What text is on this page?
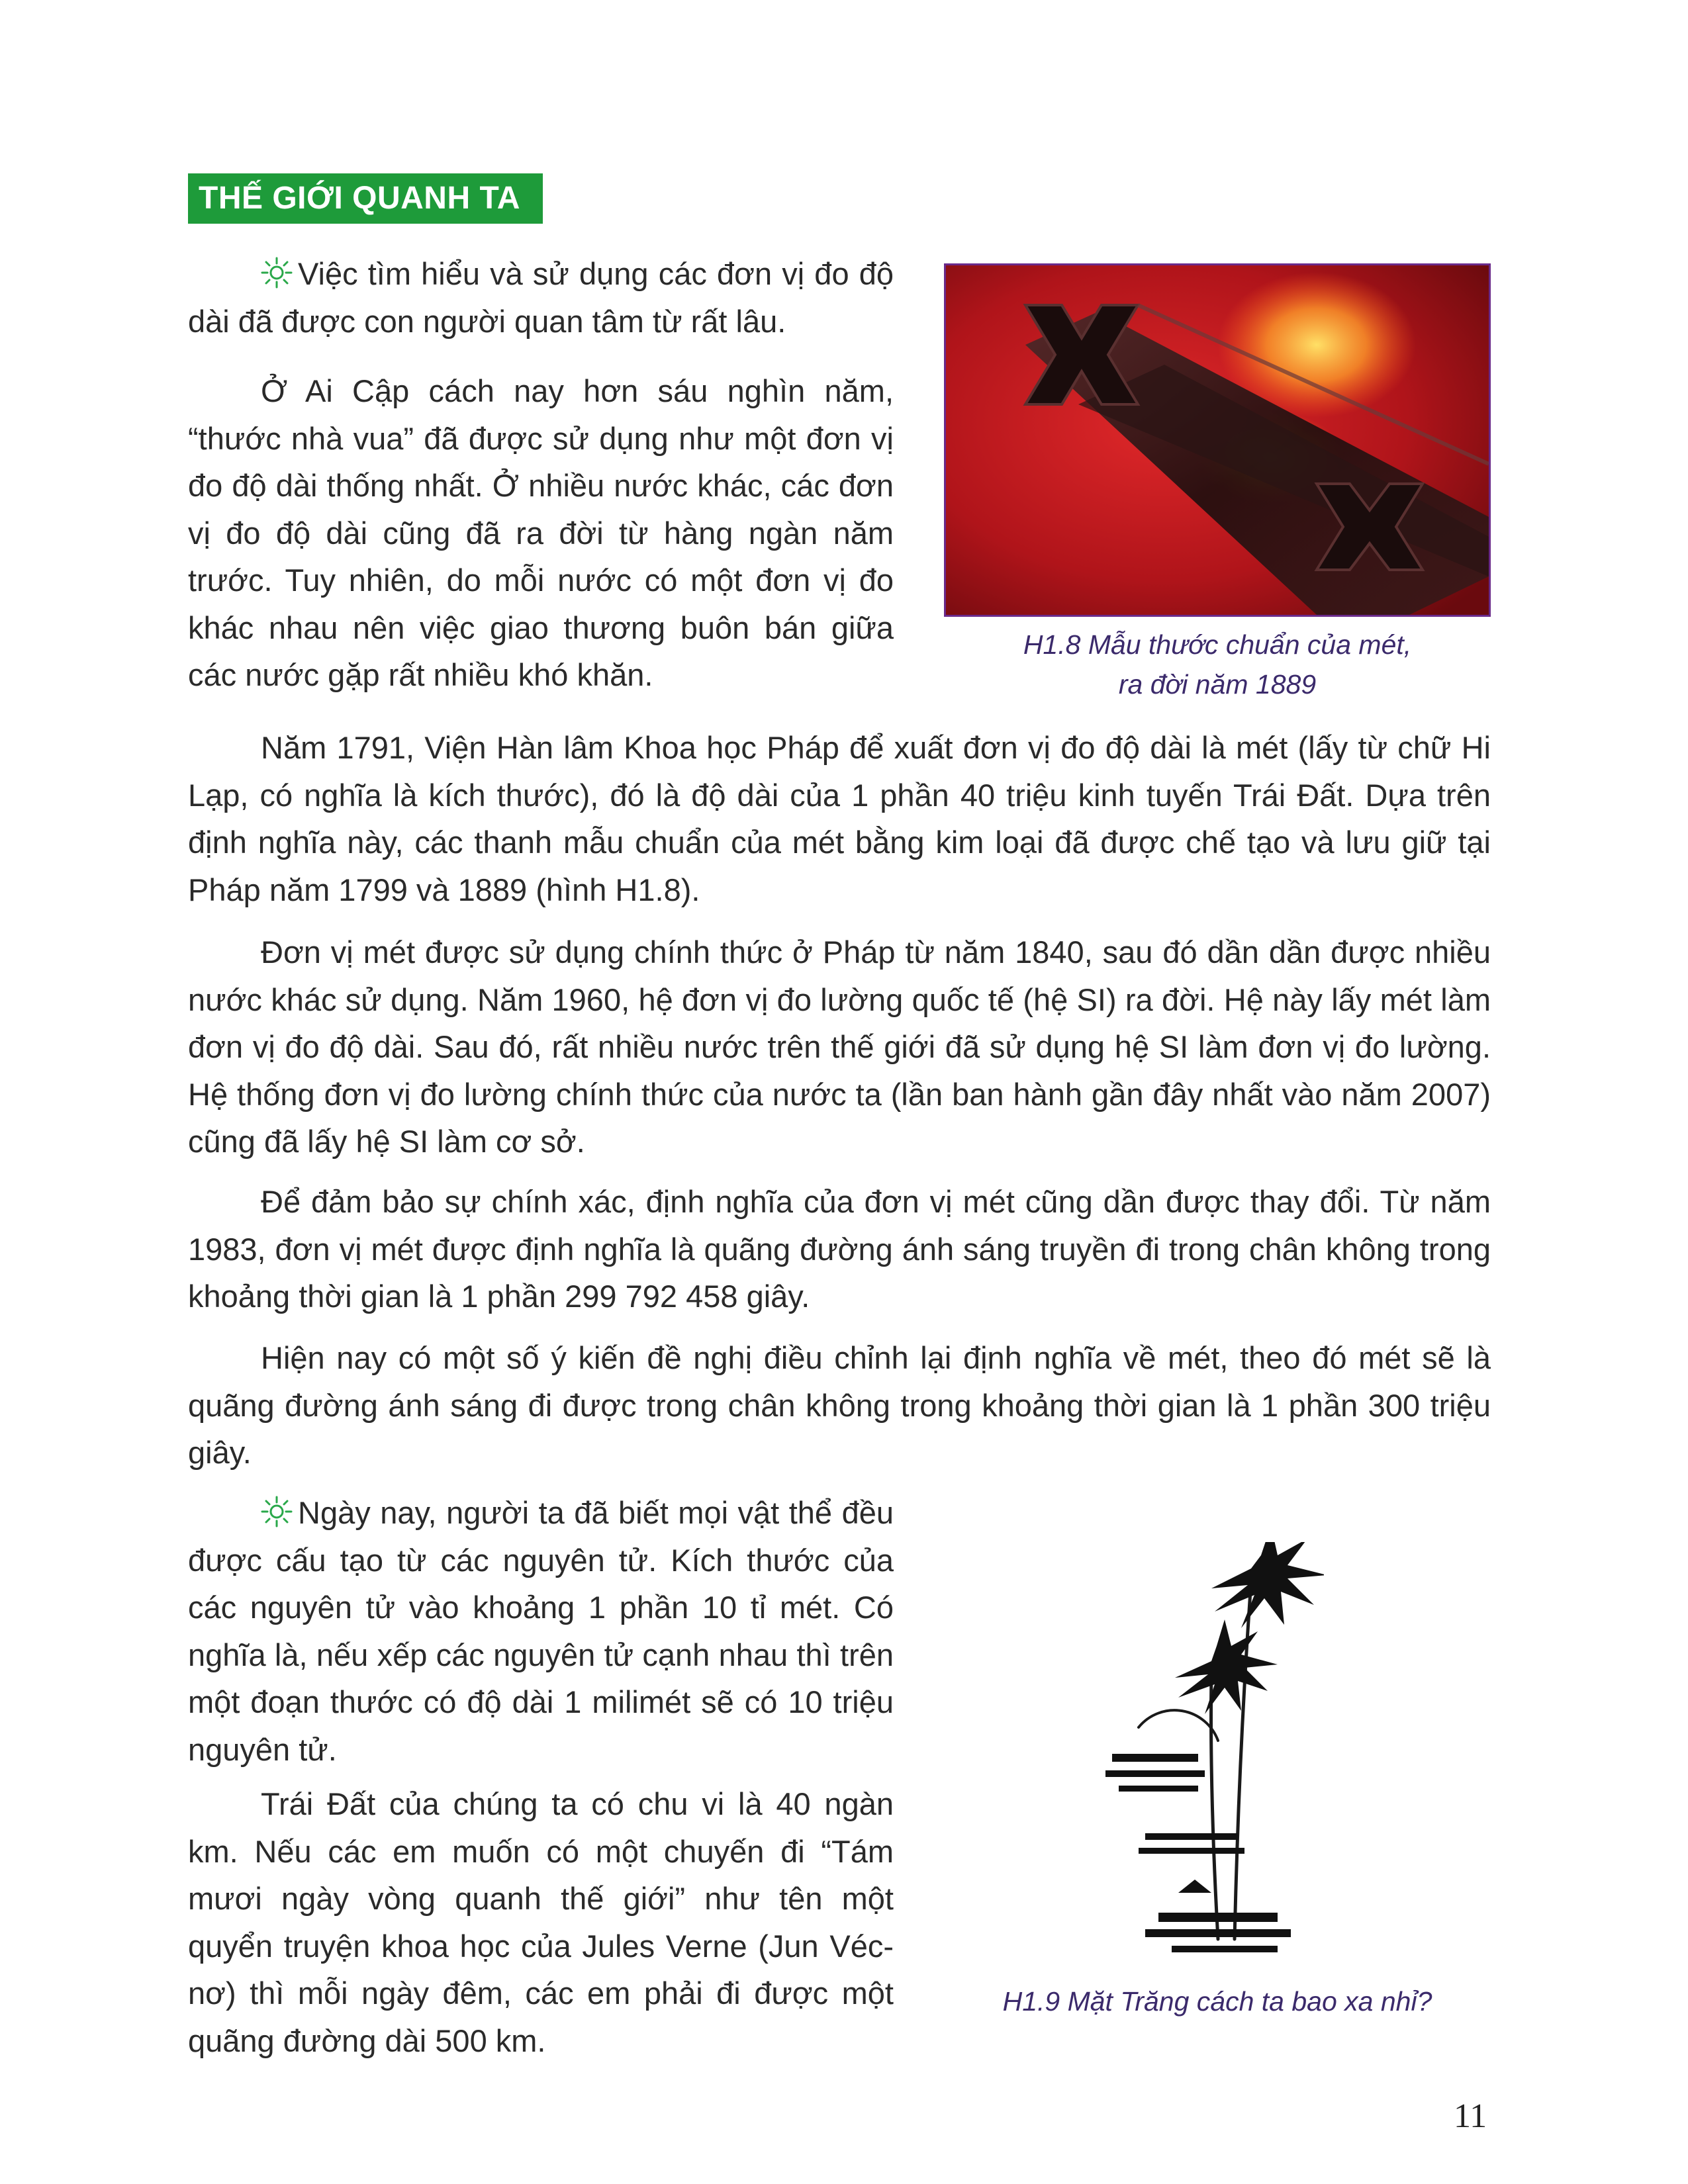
THẾ GIỚI QUANH TA

Việc tìm hiểu và sử dụng các đơn vị đo độ dài đã được con người quan tâm từ rất lâu.

Ở Ai Cập cách nay hơn sáu nghìn năm, “thước nhà vua” đã được sử dụng như một đơn vị đo độ dài thống nhất. Ở nhiều nước khác, các đơn vị đo độ dài cũng đã ra đời từ hàng ngàn năm trước. Tuy nhiên, do mỗi nước có một đơn vị đo khác nhau nên việc giao thương buôn bán giữa các nước gặp rất nhiều khó khăn.

H1.8 Mẫu thước chuẩn của mét,
ra đời năm 1889

Năm 1791, Viện Hàn lâm Khoa học Pháp để xuất đơn vị đo độ dài là mét (lấy từ chữ Hi Lạp, có nghĩa là kích thước), đó là độ dài của 1 phần 40 triệu kinh tuyến Trái Đất. Dựa trên định nghĩa này, các thanh mẫu chuẩn của mét bằng kim loại đã được chế tạo và lưu giữ tại Pháp năm 1799 và 1889 (hình H1.8).

Đơn vị mét được sử dụng chính thức ở Pháp từ năm 1840, sau đó dần dần được nhiều nước khác sử dụng. Năm 1960, hệ đơn vị đo lường quốc tế (hệ SI) ra đời. Hệ này lấy mét làm đơn vị đo độ dài. Sau đó, rất nhiều nước trên thế giới đã sử dụng hệ SI làm đơn vị đo lường. Hệ thống đơn vị đo lường chính thức của nước ta (lần ban hành gần đây nhất vào năm 2007) cũng đã lấy hệ SI làm cơ sở.

Để đảm bảo sự chính xác, định nghĩa của đơn vị mét cũng dần được thay đổi. Từ năm 1983, đơn vị mét được định nghĩa là quãng đường ánh sáng truyền đi trong chân không trong khoảng thời gian là 1 phần 299 792 458 giây.

Hiện nay có một số ý kiến đề nghị điều chỉnh lại định nghĩa về mét, theo đó mét sẽ là quãng đường ánh sáng đi được trong chân không trong khoảng thời gian là 1 phần 300 triệu giây.

Ngày nay, người ta đã biết mọi vật thể đều được cấu tạo từ các nguyên tử. Kích thước của các nguyên tử vào khoảng 1 phần 10 tỉ mét. Có nghĩa là, nếu xếp các nguyên tử cạnh nhau thì trên một đoạn thước có độ dài 1 milimét sẽ có 10 triệu nguyên tử.

Trái Đất của chúng ta có chu vi là 40 ngàn km. Nếu các em muốn có một chuyến đi “Tám mươi ngày vòng quanh thế giới” như tên một quyển truyện khoa học của Jules Verne (Jun Véc-nơ) thì mỗi ngày đêm, các em phải đi được một quãng đường dài 500 km.

H1.9 Mặt Trăng cách ta bao xa nhỉ?

11
